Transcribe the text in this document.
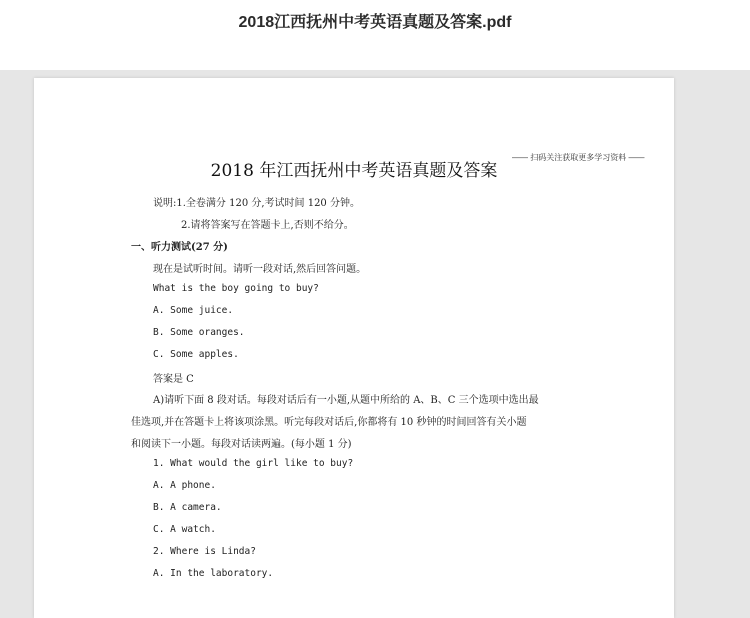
2018江西抚州中考英语真题及答案.pdf
—— 扫码关注获取更多学习资料 ——
2018 年江西抚州中考英语真题及答案
说明:1.全卷满分 120 分,考试时间 120 分钟。
2.请将答案写在答题卡上,否则不给分。
一、听力测试(27 分)
现在是试听时间。请听一段对话,然后回答问题。
What is the boy going to buy?
A. Some juice.
B. Some oranges.
C. Some apples.
答案是 C
A)请听下面 8 段对话。每段对话后有一小题,从题中所给的 A、B、C 三个选项中选出最
佳选项,并在答题卡上将该项涂黑。听完每段对话后,你都将有 10 秒钟的时间回答有关小题
和阅读下一小题。每段对话读两遍。(每小题 1 分)
1. What would the girl like to buy?
A. A phone.
B. A camera.
C. A watch.
2. Where is Linda?
A. In the laboratory.
